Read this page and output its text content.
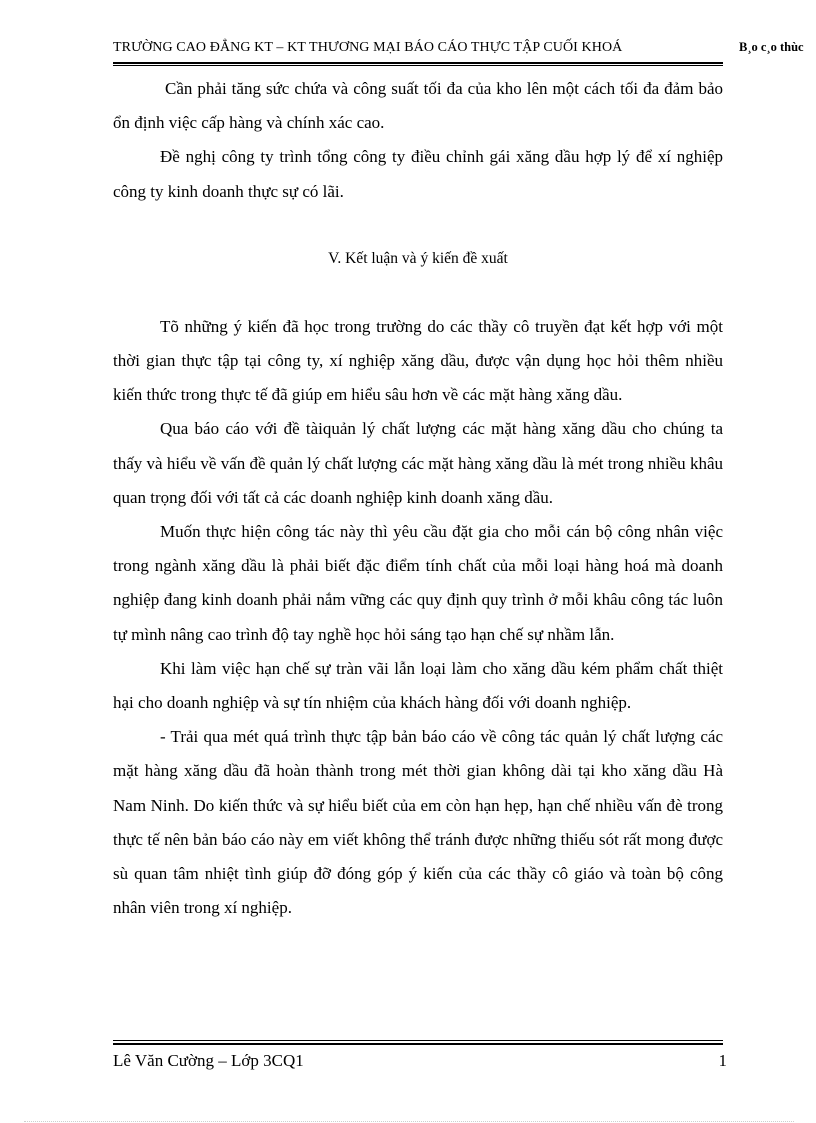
TRƯỜNG CAO ĐẲNG KT – KT THƯƠNG MẠI BÁO CÁO THỰC TẬP CUỐI KHOÁ	B¸o c¸o thùc

Cần phải tăng sức chứa và công suất tối đa của kho lên một cách tối đa đảm bảo ổn định việc cấp hàng và chính xác cao.

Đề nghị công ty trình tổng công ty điều chỉnh gái xăng dầu hợp lý để xí nghiệp công ty kinh doanh thực sự có lãi.

V. Kết luận và ý kiến đề xuất

Tõ những ý kiến đã học trong trường do các thầy cô truyền đạt kết hợp với một thời gian thực tập tại công ty, xí nghiệp xăng dầu, được vận dụng học hỏi thêm nhiều kiến thức trong thực tế đã giúp em hiểu sâu hơn về các mặt hàng xăng dầu.

Qua báo cáo với đề tàiquản lý chất lượng các mặt hàng xăng dầu cho chúng ta thấy và hiểu về vấn đề quản lý chất lượng các mặt hàng xăng dầu là mét trong nhiều khâu quan trọng đối với tất cả các doanh nghiệp kinh doanh xăng dầu.

Muốn thực hiện công tác này thì yêu cầu đặt gia cho mỗi cán bộ công nhân việc trong ngành xăng dầu là phải biết đặc điểm tính chất của mỗi loại hàng hoá mà doanh nghiệp đang kinh doanh phải nắm vững các quy định quy trình ở mỗi khâu công tác luôn tự mình nâng cao trình độ tay nghề học hỏi sáng tạo hạn chế sự nhầm lẫn.

Khi làm việc hạn chế sự tràn vãi lẫn loại làm cho xăng dầu kém phẩm chất thiệt hại cho doanh nghiệp và sự tín nhiệm của khách hàng đối với doanh nghiệp.

- Trải qua mét quá trình thực tập bản báo cáo về công tác quản lý chất lượng các mặt hàng xăng dầu đã hoàn thành trong mét thời gian không dài tại kho xăng dầu Hà Nam Ninh. Do kiến thức và sự hiểu biết của em còn hạn hẹp, hạn chế nhiều vấn đè trong thực tế nên bản báo cáo này em viết không thể tránh được những thiếu sót rất mong được sù quan tâm nhiệt tình giúp đỡ đóng góp ý kiến của các thầy cô giáo và toàn bộ công nhân viên trong xí nghiệp.

Lê Văn Cường – Lớp 3CQ1	1
